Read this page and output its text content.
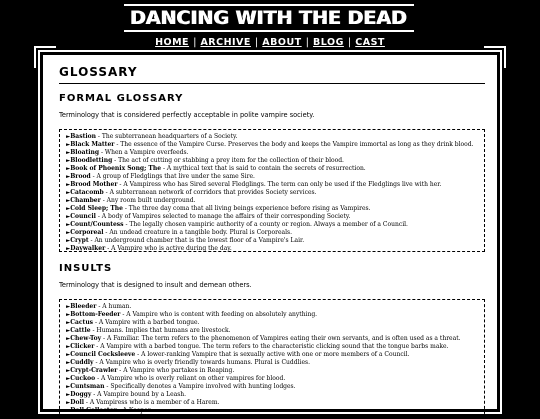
DANCING WITH THE DEAD
HOME | ARCHIVE | ABOUT | BLOG | CAST
GLOSSARY
FORMAL GLOSSARY

Terminology that is considered perfectly acceptable in polite vampire society.

►Bastion - The subterranean headquarters of a Society.
►Black Matter - The essence of the Vampire Curse. Preserves the body and keeps the Vampire immortal as long as they drink blood.
►Bloating - When a Vampire overfeeds.
►Bloodletting - The act of cutting or stabbing a prey item for the collection of their blood.
►Book of Phoenix Song; The - A mythical text that is said to contain the secrets of resurrection.
►Brood - A group of Fledglings that live under the same Sire.
►Brood Mother - A Vampiress who has Sired several Fledglings. The term can only be used if the Fledglings live with her.
►Catacomb - A subterranean network of corridors that provides Society services.
►Chamber - Any room built underground.
►Cold Sleep; The - The three day coma that all living beings experience before rising as Vampires.
►Council - A body of Vampires selected to manage the affairs of their corresponding Society.
►Count/Countess - The legally chosen vampiric authority of a county or region. Always a member of a Council.
►Corporeal - An undead creature in a tangible body. Plural is Corporeals.
►Crypt - An underground chamber that is the lowest floor of a Vampire's Lair.
►Daywalker - A Vampire who is active during the day.
INSULTS

Terminology that is designed to insult and demean others.

►Bleeder - A human.
►Bottom-Feeder - A Vampire who is content with feeding on absolutely anything.
►Cactus - A Vampire with a barbed tongue.
►Cattle - Humans. Implies that humans are livestock.
►Chew-Toy - A Familiar. The term refers to the phenomenon of Vampires eating their own servants, and is often used as a threat.
►Clicker - A Vampire with a barbed tongue. The term refers to the characteristic clicking sound that the tongue barbs make.
►Council Cocksleeve - A lower-ranking Vampire that is sexually active with one or more members of a Council.
►Cuddly - A Vampire who is overly friendly towards humans. Plural is Cuddlies.
►Crypt-Crawler - A Vampire who partakes in Reaping.
►Cuckoo - A Vampire who is overly reliant on other vampires for blood.
►Cuntsman - Specifically denotes a Vampire involved with hunting lodges.
►Doggy - A Vampire bound by a Leash.
►Doll - A Vampiress who is a member of a Harem.
►Doll Collector - A Keeper.
